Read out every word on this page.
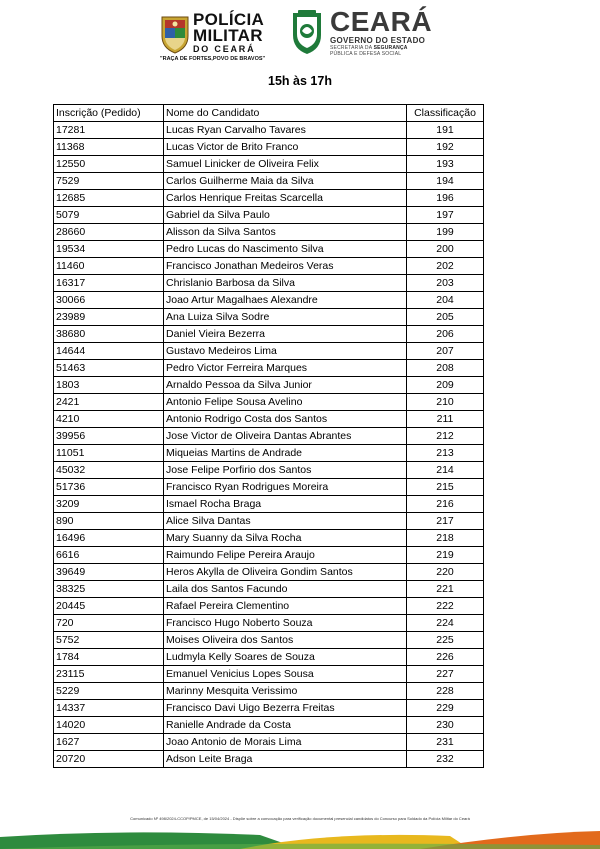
POLÍCIA
MILITAR
DO CEARÁ
"RAÇA DE FORTES,POVO DE BRAVOS"
CEARÁ
GOVERNO DO ESTADO
SECRETARIA DA SEGURANÇA
PÚBLICA E DEFESA SOCIAL
15h às 17h
Inscrição (Pedido)	Nome do Candidato	Classificação
17281	Lucas Ryan Carvalho Tavares	191
11368	Lucas Victor de Brito Franco	192
12550	Samuel Linicker de Oliveira Felix	193
7529	Carlos Guilherme Maia da Silva	194
12685	Carlos Henrique Freitas Scarcella	196
5079	Gabriel da Silva Paulo	197
28660	Alisson da Silva Santos	199
19534	Pedro Lucas do Nascimento Silva	200
11460	Francisco Jonathan Medeiros Veras	202
16317	Chrislanio Barbosa da Silva	203
30066	Joao Artur Magalhaes Alexandre	204
23989	Ana Luiza Silva Sodre	205
38680	Daniel Vieira Bezerra	206
14644	Gustavo Medeiros Lima	207
51463	Pedro Victor Ferreira Marques	208
1803	Arnaldo Pessoa da Silva Junior	209
2421	Antonio Felipe Sousa Avelino	210
4210	Antonio Rodrigo Costa dos Santos	211
39956	Jose Victor de Oliveira Dantas Abrantes	212
11051	Miqueias Martins de Andrade	213
45032	Jose Felipe Porfirio dos Santos	214
51736	Francisco Ryan Rodrigues Moreira	215
3209	Ismael Rocha Braga	216
890	Alice Silva Dantas	217
16496	Mary Suanny da Silva Rocha	218
6616	Raimundo Felipe Pereira Araujo	219
39649	Heros Akylla de Oliveira Gondim Santos	220
38325	Laila dos Santos Facundo	221
20445	Rafael Pereira Clementino	222
720	Francisco Hugo Noberto Souza	224
5752	Moises Oliveira dos Santos	225
1784	Ludmyla Kelly Soares de Souza	226
23115	Emanuel Venicius Lopes Sousa	227
5229	Marinny Mesquita Verissimo	228
14337	Francisco Davi Uigo Bezerra Freitas	229
14020	Ranielle Andrade da Costa	230
1627	Joao Antonio de Morais Lima	231
20720	Adson Leite Braga	232
Comunicado Nº 498/2024-CCOP/PMCE, de 15/04/2024 - Dispõe sobre a convocação para verificação documental presencial candidatos do Concurso para Soldado da Polícia Militar do Ceará
